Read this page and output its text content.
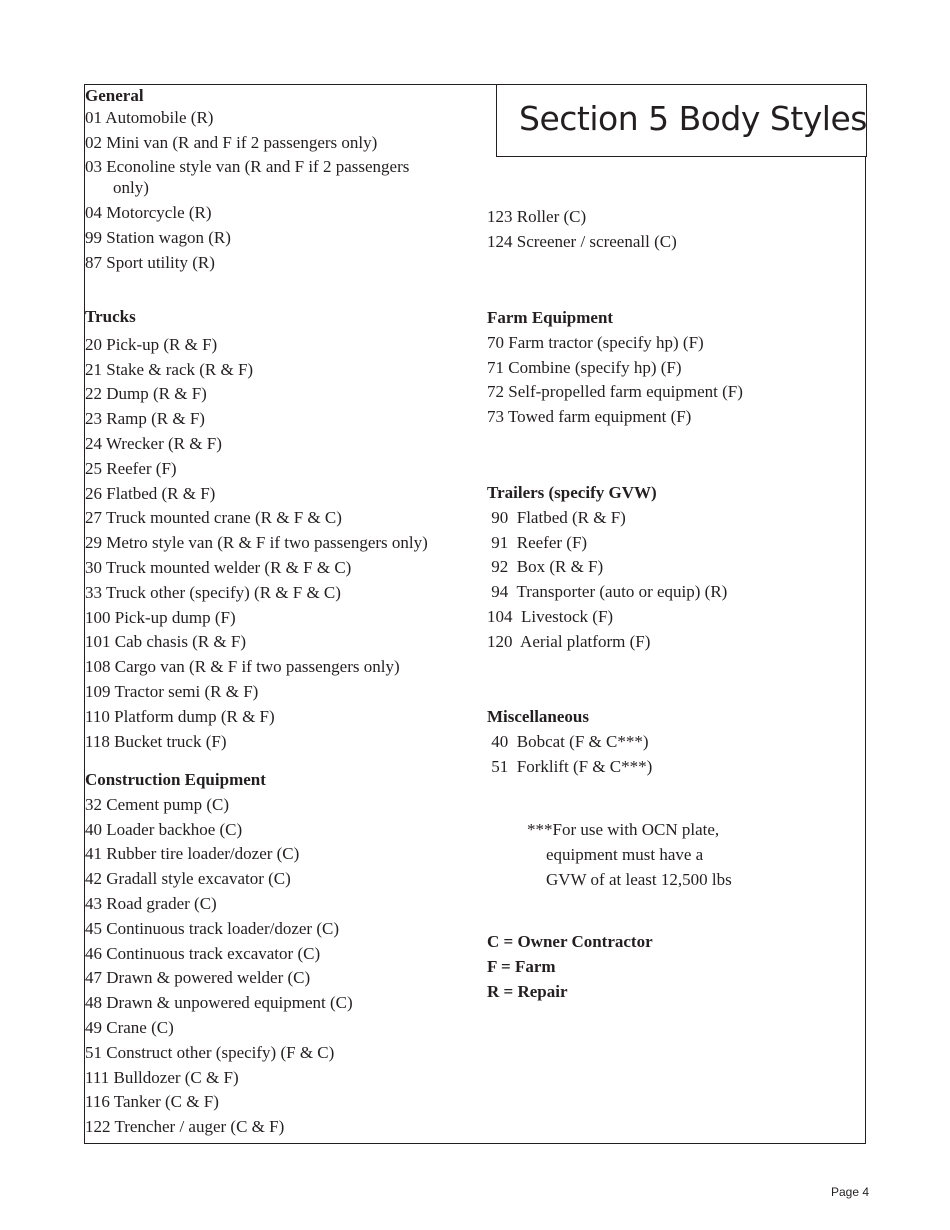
Section 5 Body Styles
General
01 Automobile (R)
02 Mini van (R and F if 2 passengers only)
03 Econoline style van (R and F if 2 passengers
only)
04 Motorcycle (R)
99 Station wagon (R)
87 Sport utility (R)
Trucks
20 Pick-up (R & F)
21 Stake & rack (R & F)
22 Dump (R & F)
23 Ramp (R & F)
24 Wrecker (R & F)
25 Reefer (F)
26 Flatbed (R & F)
27 Truck mounted crane (R & F & C)
29 Metro style van (R & F if two passengers only)
30 Truck mounted welder (R & F & C)
33 Truck other (specify) (R & F & C)
100 Pick-up dump (F)
101 Cab chasis (R & F)
108 Cargo van (R & F if two passengers only)
109 Tractor semi (R & F)
110 Platform dump (R & F)
118 Bucket truck (F)
Construction Equipment
32 Cement pump (C)
40 Loader backhoe (C)
41 Rubber tire loader/dozer (C)
42 Gradall style excavator (C)
43 Road grader (C)
45 Continuous track loader/dozer (C)
46 Continuous track excavator (C)
47 Drawn & powered welder (C)
48 Drawn & unpowered equipment (C)
49 Crane (C)
51 Construct other (specify) (F & C)
111 Bulldozer (C & F)
116 Tanker (C & F)
122 Trencher / auger (C & F)
123 Roller (C)
124 Screener / screenall (C)
Farm Equipment
70 Farm tractor (specify hp) (F)
71 Combine (specify hp) (F)
72 Self-propelled farm equipment (F)
73 Towed farm equipment (F)
Trailers (specify GVW)
90  Flatbed (R & F)
91  Reefer (F)
92  Box (R & F)
94  Transporter (auto or equip) (R)
104  Livestock (F)
120  Aerial platform (F)
Miscellaneous
40  Bobcat (F & C***)
51  Forklift (F & C***)
***For use with OCN plate,
equipment must have a
GVW of at least 12,500 lbs
C = Owner Contractor
F = Farm
R = Repair
Page 4
